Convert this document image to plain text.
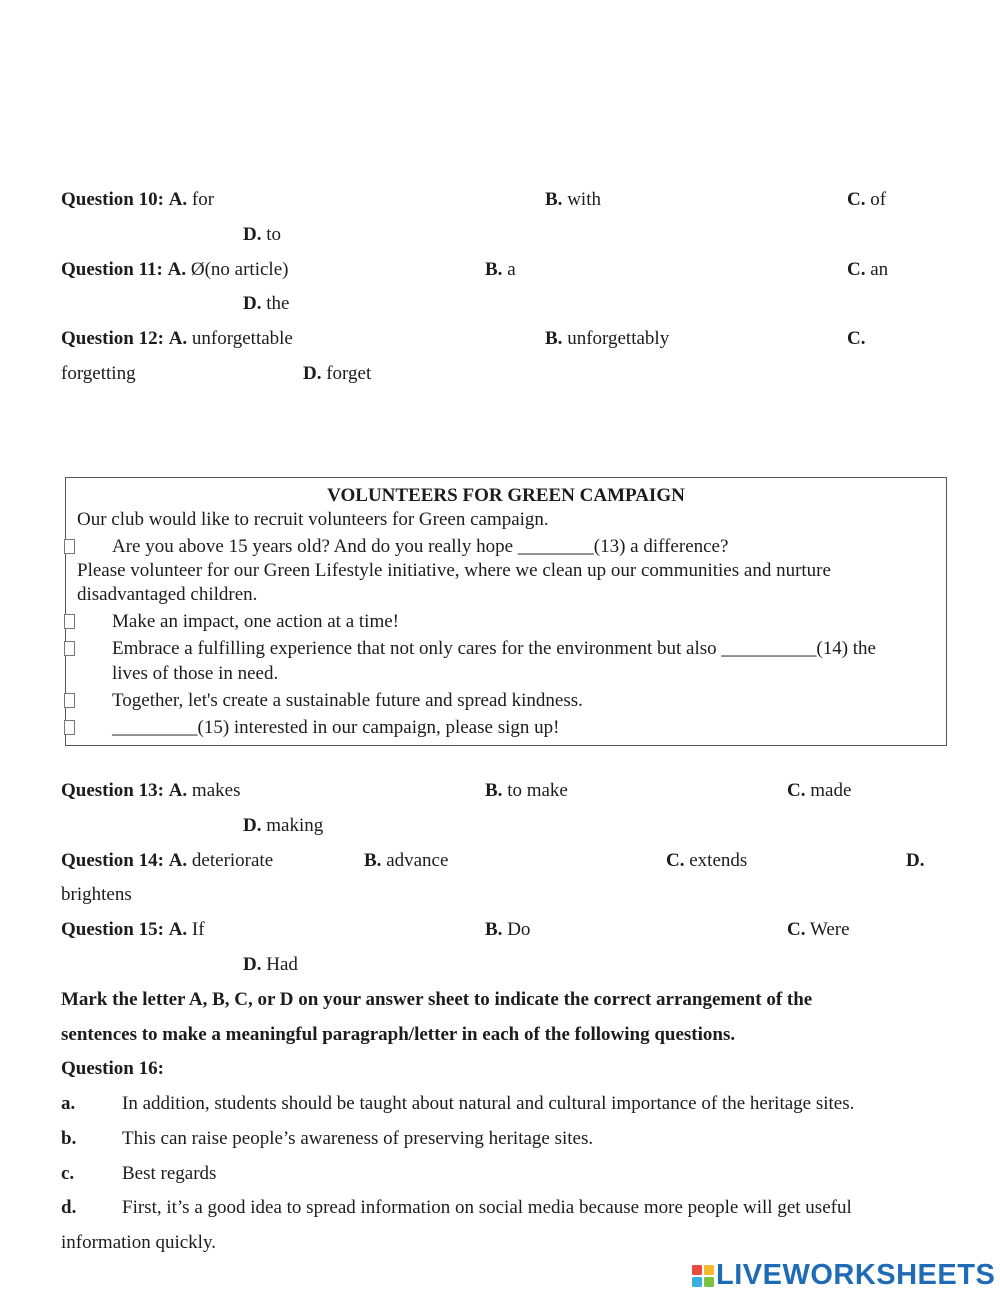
Question 10: A. for	B. with	C. of
D. to
Question 11: A. Ø(no article)	B. a	C. an
D. the
Question 12: A. unforgettable	B. unforgettably	C.
forgetting	D. forget
VOLUNTEERS FOR GREEN CAMPAIGN
Our club would like to recruit volunteers for Green campaign.
Are you above 15 years old? And do you really hope ________(13) a difference?
Please volunteer for our Green Lifestyle initiative, where we clean up our communities and nurture
disadvantaged children.
Make an impact, one action at a time!
Embrace a fulfilling experience that not only cares for the environment but also __________(14) the
lives of those in need.
Together, let's create a sustainable future and spread kindness.
_________(15) interested in our campaign, please sign up!
Question 13: A. makes	B. to make	C. made
D. making
Question 14: A. deteriorate	B. advance	C. extends	D.
brightens
Question 15: A. If	B. Do	C. Were
D. Had
Mark the letter A, B, C, or D on your answer sheet to indicate the correct arrangement of the
sentences to make a meaningful paragraph/letter in each of the following questions.
Question 16:
a. In addition, students should be taught about natural and cultural importance of the heritage sites.
b. This can raise people’s awareness of preserving heritage sites.
c.	Best regards
d. First, it’s a good idea to spread information on social media because more people will get useful
information quickly.
LIVEWORKSHEETS
